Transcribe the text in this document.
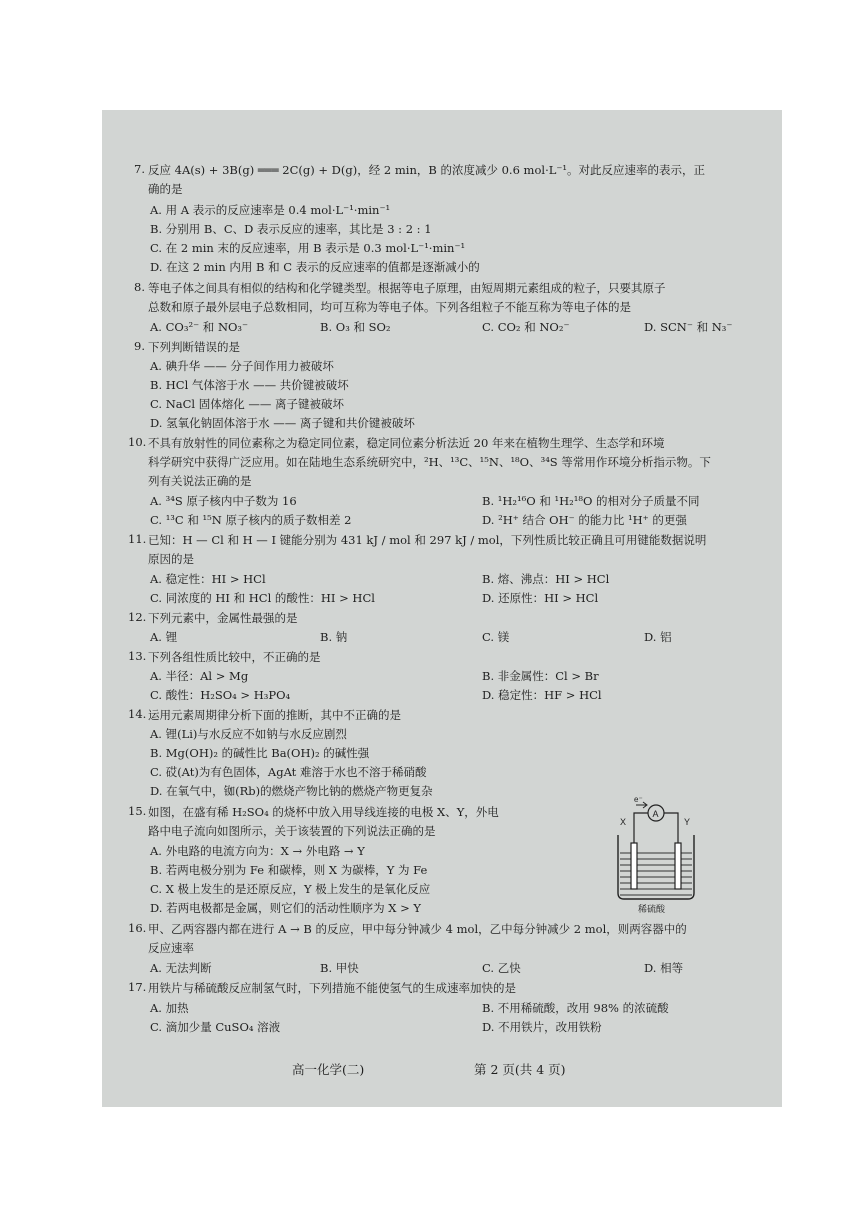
7. 反应 4A(s) + 3B(g) ═══ 2C(g) + D(g)，经 2 min，B 的浓度减少 0.6 mol·L⁻¹。对此反应速率的表示，正
确的是
A. 用 A 表示的反应速率是 0.4 mol·L⁻¹·min⁻¹
B. 分别用 B、C、D 表示反应的速率，其比是 3 : 2 : 1
C. 在 2 min 末的反应速率，用 B 表示是 0.3 mol·L⁻¹·min⁻¹
D. 在这 2 min 内用 B 和 C 表示的反应速率的值都是逐渐减小的
8. 等电子体之间具有相似的结构和化学键类型。根据等电子原理，由短周期元素组成的粒子，只要其原子
总数和原子最外层电子总数相同，均可互称为等电子体。下列各组粒子不能互称为等电子体的是
A. CO₃²⁻ 和 NO₃⁻	B. O₃ 和 SO₂	C. CO₂ 和 NO₂⁻	D. SCN⁻ 和 N₃⁻
9. 下列判断错误的是
A. 碘升华 —— 分子间作用力被破坏
B. HCl 气体溶于水 —— 共价键被破坏
C. NaCl 固体熔化 —— 离子键被破坏
D. 氢氧化钠固体溶于水 —— 离子键和共价键被破坏
10. 不具有放射性的同位素称之为稳定同位素，稳定同位素分析法近 20 年来在植物生理学、生态学和环境
科学研究中获得广泛应用。如在陆地生态系统研究中，²H、¹³C、¹⁵N、¹⁸O、³⁴S 等常用作环境分析指示物。下
列有关说法正确的是
A. ³⁴S 原子核内中子数为 16	B. ¹H₂¹⁶O 和 ¹H₂¹⁸O 的相对分子质量不同
C. ¹³C 和 ¹⁵N 原子核内的质子数相差 2	D. ²H⁺ 结合 OH⁻ 的能力比 ¹H⁺ 的更强
11. 已知：H — Cl 和 H — I 键能分别为 431 kJ / mol 和 297 kJ / mol，下列性质比较正确且可用键能数据说明
原因的是
A. 稳定性：HI > HCl	B. 熔、沸点：HI > HCl
C. 同浓度的 HI 和 HCl 的酸性：HI > HCl	D. 还原性：HI > HCl
12. 下列元素中，金属性最强的是
A. 锂	B. 钠	C. 镁	D. 铝
13. 下列各组性质比较中，不正确的是
A. 半径：Al > Mg	B. 非金属性：Cl > Br
C. 酸性：H₂SO₄ > H₃PO₄	D. 稳定性：HF > HCl
14. 运用元素周期律分析下面的推断，其中不正确的是
A. 锂(Li)与水反应不如钠与水反应剧烈
B. Mg(OH)₂ 的碱性比 Ba(OH)₂ 的碱性强
C. 砹(At)为有色固体，AgAt 难溶于水也不溶于稀硝酸
D. 在氧气中，铷(Rb)的燃烧产物比钠的燃烧产物更复杂
15. 如图，在盛有稀 H₂SO₄ 的烧杯中放入用导线连接的电极 X、Y，外电
路中电子流向如图所示，关于该装置的下列说法正确的是
A. 外电路的电流方向为：X → 外电路 → Y
B. 若两电极分别为 Fe 和碳棒，则 X 为碳棒，Y 为 Fe
C. X 极上发生的是还原反应，Y 极上发生的是氧化反应
D. 若两电极都是金属，则它们的活动性顺序为 X > Y
A
e⁻
X	Y
稀硫酸
16. 甲、乙两容器内都在进行 A → B 的反应，甲中每分钟减少 4 mol，乙中每分钟减少 2 mol，则两容器中的
反应速率
A. 无法判断	B. 甲快	C. 乙快	D. 相等
17. 用铁片与稀硫酸反应制氢气时，下列措施不能使氢气的生成速率加快的是
A. 加热	B. 不用稀硫酸，改用 98% 的浓硫酸
C. 滴加少量 CuSO₄ 溶液	D. 不用铁片，改用铁粉
高一化学(二)	第 2 页(共 4 页)
